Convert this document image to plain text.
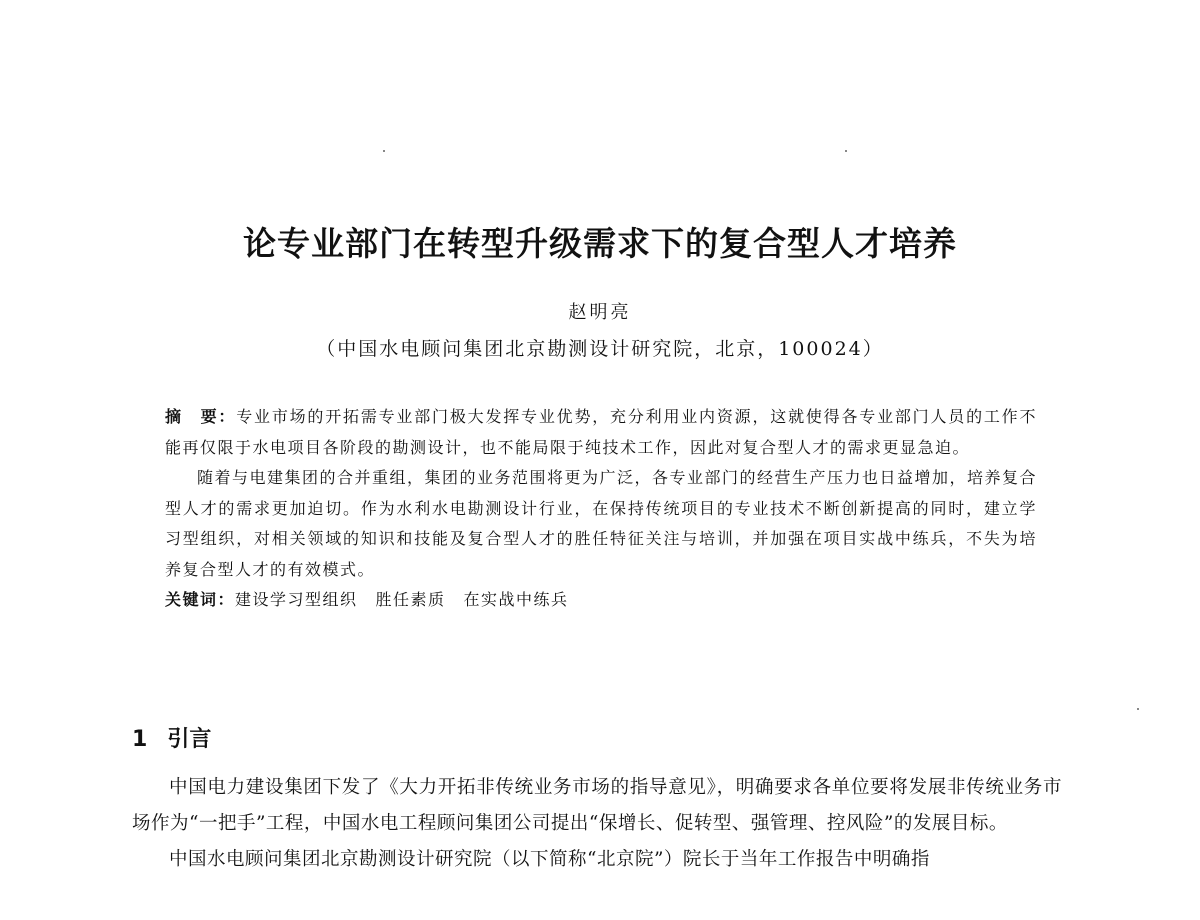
论专业部门在转型升级需求下的复合型人才培养
赵明亮
（中国水电顾问集团北京勘测设计研究院，北京，100024）

摘　要：专业市场的开拓需专业部门极大发挥专业优势，充分利用业内资源，这就使得各专业部门人员的工作不能再仅限于水电项目各阶段的勘测设计，也不能局限于纯技术工作，因此对复合型人才的需求更显急迫。

随着与电建集团的合并重组，集团的业务范围将更为广泛，各专业部门的经营生产压力也日益增加，培养复合型人才的需求更加迫切。作为水利水电勘测设计行业，在保持传统项目的专业技术不断创新提高的同时，建立学习型组织，对相关领域的知识和技能及复合型人才的胜任特征关注与培训，并加强在项目实战中练兵，不失为培养复合型人才的有效模式。

关键词：建设学习型组织 胜任素质 在实战中练兵

1 引言

中国电力建设集团下发了《大力开拓非传统业务市场的指导意见》，明确要求各单位要将发展非传统业务市场作为“一把手”工程，中国水电工程顾问集团公司提出“保增长、促转型、强管理、控风险”的发展目标。

中国水电顾问集团北京勘测设计研究院（以下简称“北京院”）院长于当年工作报告中明确指
